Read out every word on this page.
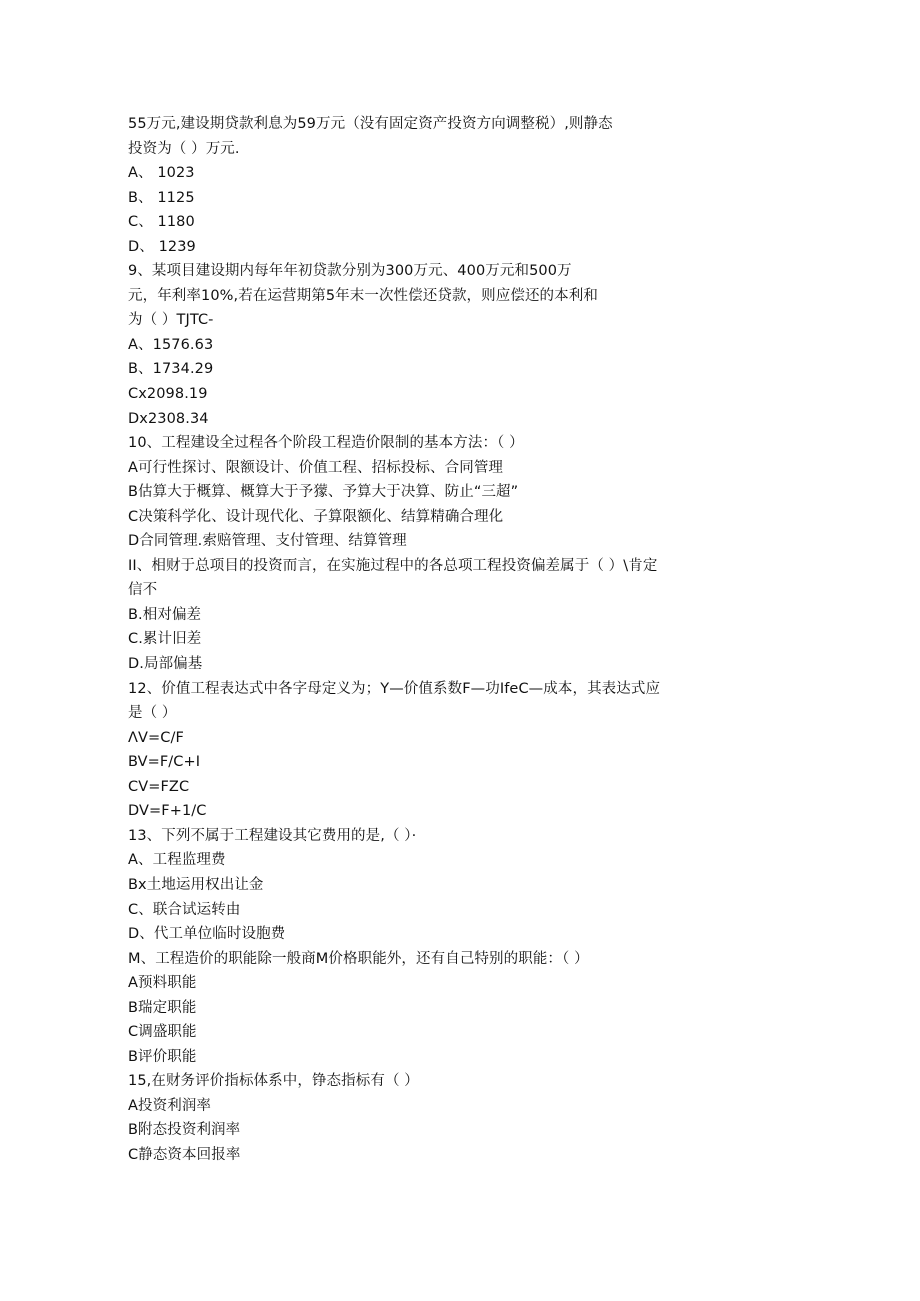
55万元,建设期贷款利息为59万元（没有固定资产投资方向调整税）,则静态
投资为（ ）万元.
A、 1023
B、 1125
C、 1180
D、 1239
9、某项目建设期内每年年初贷款分别为300万元、400万元和500万
元，年利率10%,若在运营期第5年末一次性偿还贷款，则应偿还的本利和
为（ ）TJTC-
A、1576.63
B、1734.29
Cx2098.19
Dx2308.34
10、工程建设全过程各个阶段工程造价限制的基本方法：（ ）
A可行性探讨、限额设计、价值工程、招标投标、合同管理
B估算大于概算、概算大于予獴、予算大于决算、防止“三超”
C决策科学化、设计现代化、子算限额化、结算精确合理化
D合同管理.索赔管理、支付管理、结算管理
II、相财于总项目的投资而言，在实施过程中的各总项工程投资偏差属于（ ）\肯定
信不
B.相对偏差
C.累计旧差
D.局部偏基
12、价值工程表达式中各字母定义为；Y—价值系数F—功IfeC—成本，其表达式应
是（ ）
ΛV=C/F
BV=F/C+I
CV=FZC
DV=F+1/C
13、下列不属于工程建设其它费用的是,（ ）·
A、工程监理费
Bx土地运用权出让金
C、联合试运转由
D、代工单位临时设胞费
M、工程造价的职能除一般商M价格职能外，还有自己特别的职能：（ ）
A预料职能
B瑞定职能
C调盛职能
B评价职能
15,在财务评价指标体系中，铮态指标有（ ）
A投资利润率
B附态投资利润率
C静态资本回报率
